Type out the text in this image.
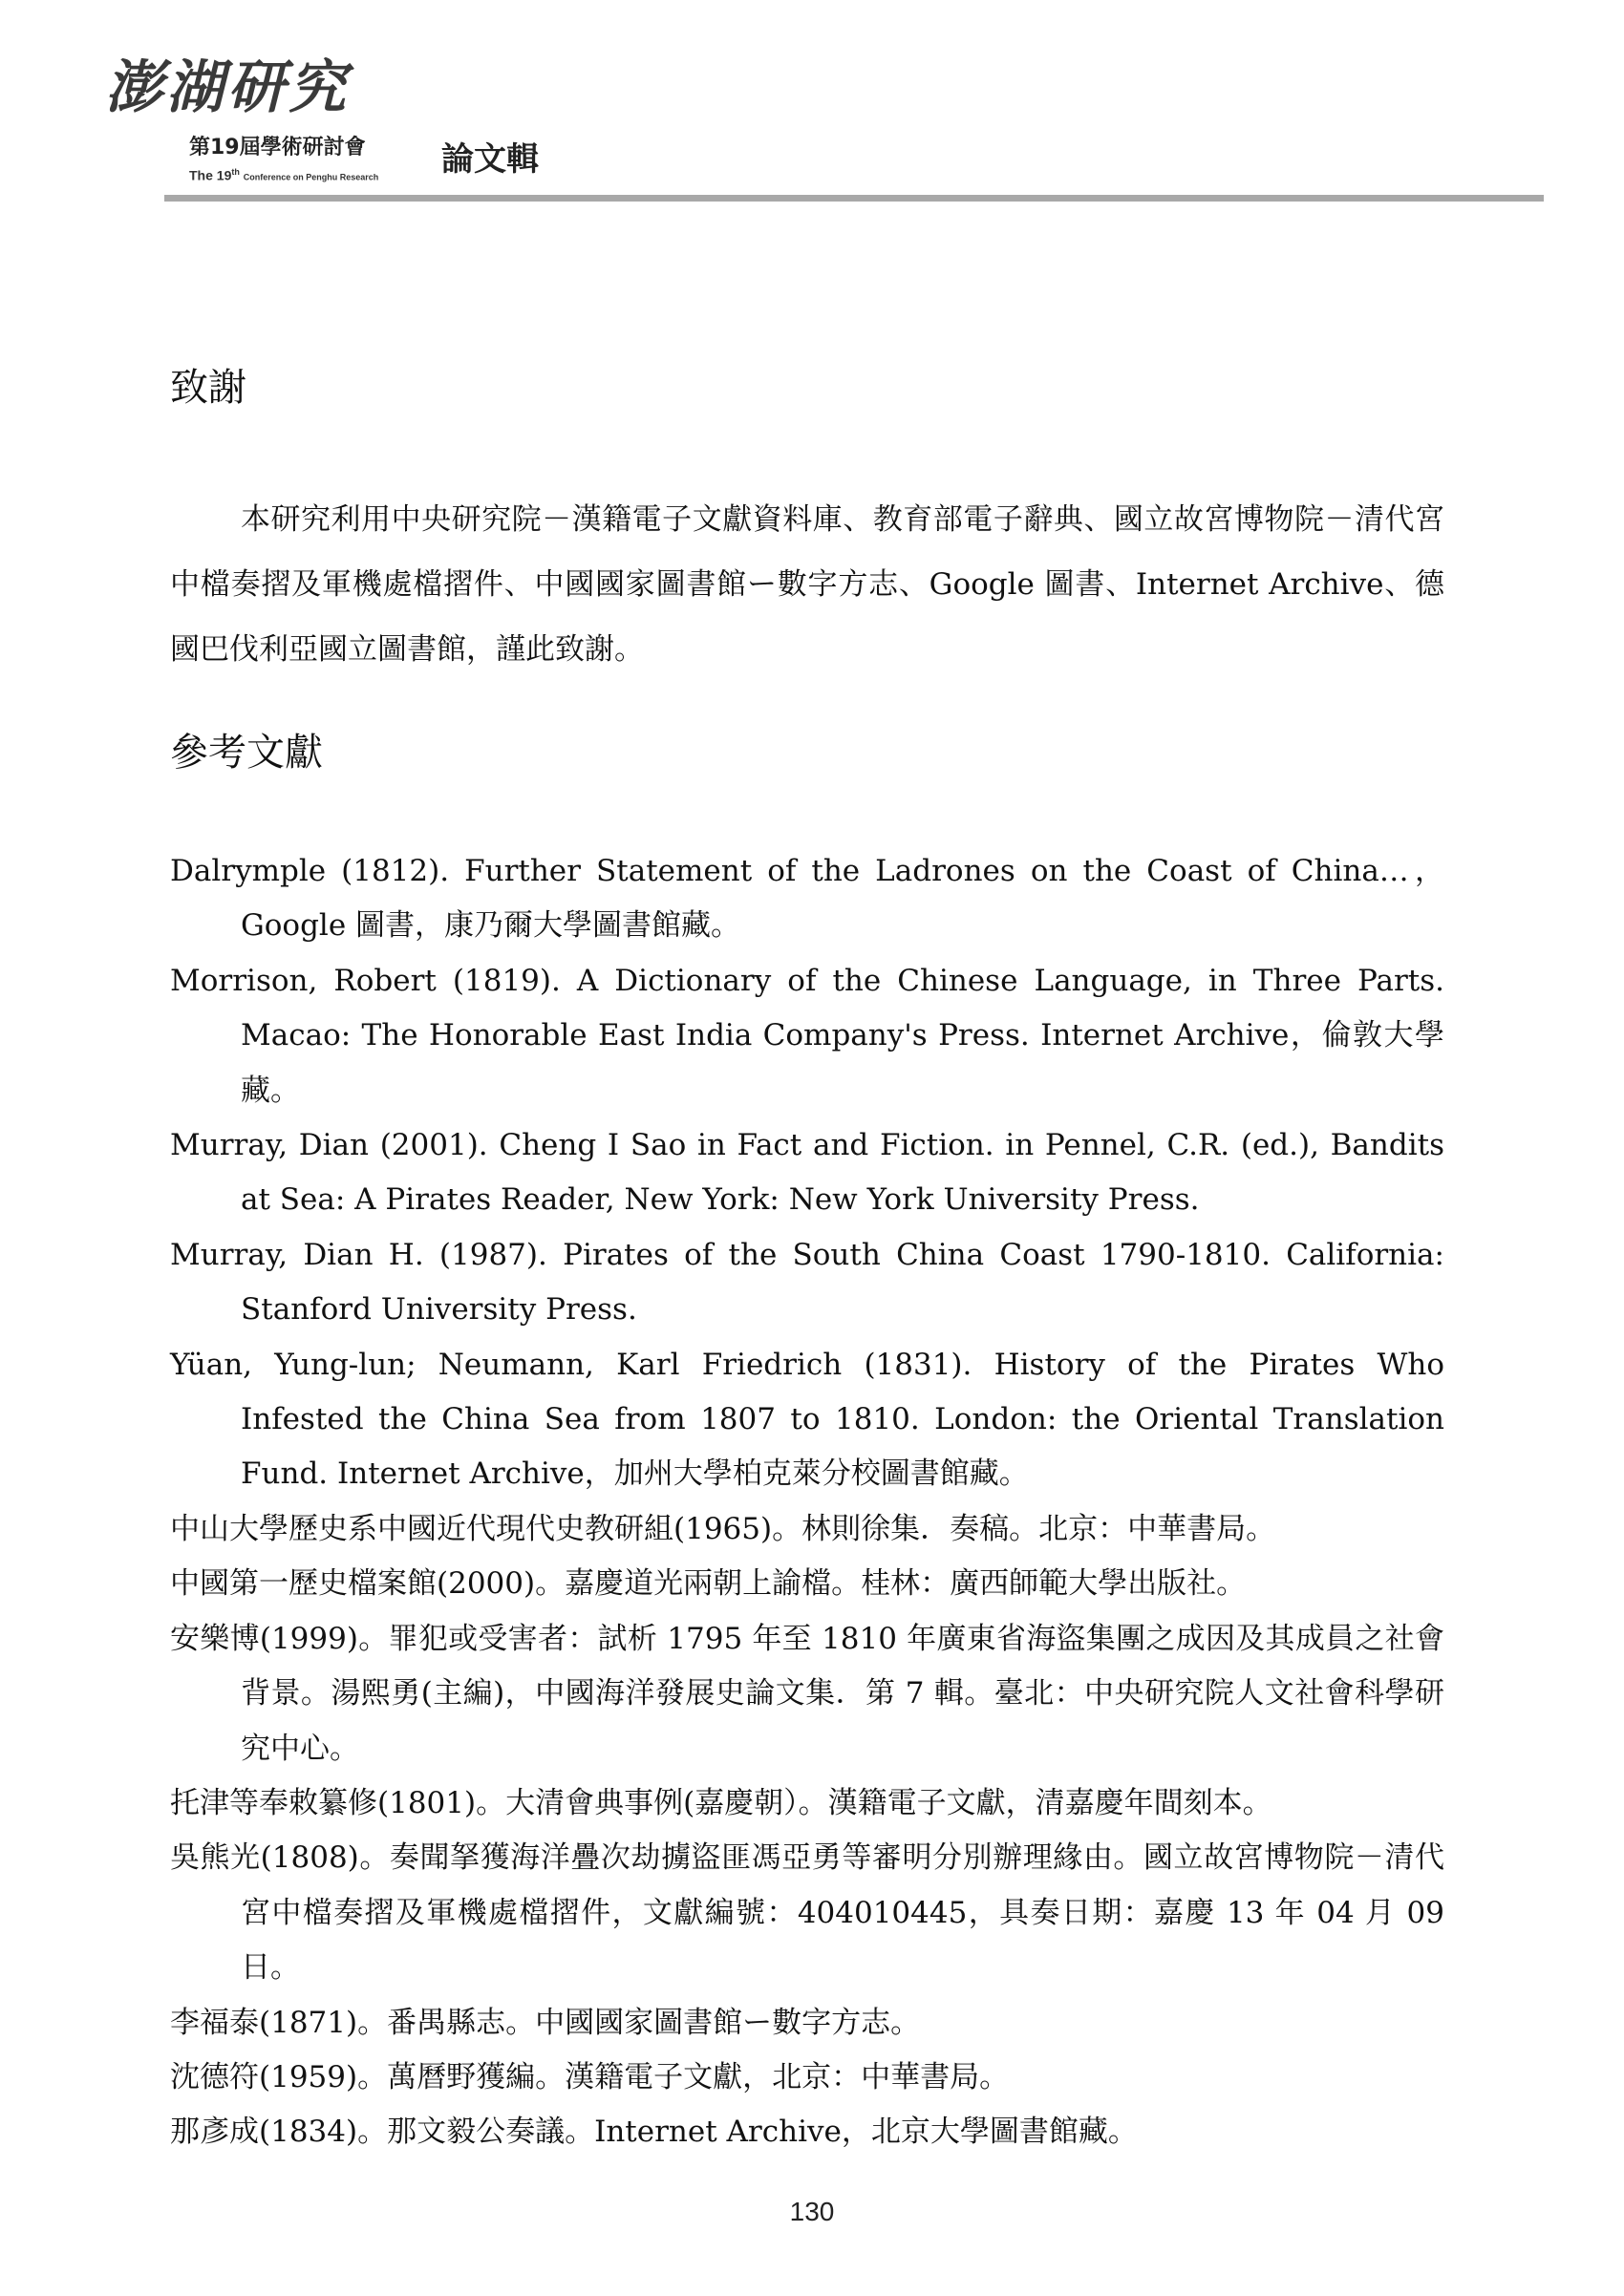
澎湖研究
第19屆學術研討會
The 19th Conference on Penghu Research 論文輯
致謝

本研究利用中央研究院－漢籍電子文獻資料庫、教育部電子辭典、國立故宮博物院－清代宮中檔奏摺及軍機處檔摺件、中國國家圖書館ー數字方志、Google 圖書、Internet Archive、德國巴伐利亞國立圖書館，謹此致謝。

參考文獻
Dalrymple (1812). Further Statement of the Ladrones on the Coast of China…，Google 圖書，康乃爾大學圖書館藏。
Morrison, Robert (1819). A Dictionary of the Chinese Language, in Three Parts. Macao: The Honorable East India Company's Press. Internet Archive，倫敦大學藏。
Murray, Dian (2001). Cheng I Sao in Fact and Fiction. in Pennel, C.R. (ed.), Bandits at Sea: A Pirates Reader, New York: New York University Press.
Murray, Dian H. (1987). Pirates of the South China Coast 1790-1810. California: Stanford University Press.
Yüan, Yung-lun; Neumann, Karl Friedrich (1831). History of the Pirates Who Infested the China Sea from 1807 to 1810. London: the Oriental Translation Fund. Internet Archive，加州大學柏克萊分校圖書館藏。
中山大學歷史系中國近代現代史教研組(1965)。林則徐集．奏稿。北京：中華書局。
中國第一歷史檔案館(2000)。嘉慶道光兩朝上諭檔。桂林：廣西師範大學出版社。
安樂博(1999)。罪犯或受害者：試析 1795 年至 1810 年廣東省海盜集團之成因及其成員之社會背景。湯熙勇(主編)，中國海洋發展史論文集．第 7 輯。臺北：中央研究院人文社會科學研究中心。
托津等奉敕纂修(1801)。大清會典事例(嘉慶朝）。漢籍電子文獻，清嘉慶年間刻本。
吳熊光(1808)。奏聞拏獲海洋疊次劫擄盜匪馮亞勇等審明分別辦理緣由。國立故宮博物院－清代宮中檔奏摺及軍機處檔摺件，文獻編號：404010445，具奏日期：嘉慶 13 年 04 月 09 日。
李福泰(1871)。番禺縣志。中國國家圖書館ー數字方志。
沈德符(1959)。萬曆野獲編。漢籍電子文獻，北京：中華書局。
那彥成(1834)。那文毅公奏議。Internet Archive，北京大學圖書館藏。
130
